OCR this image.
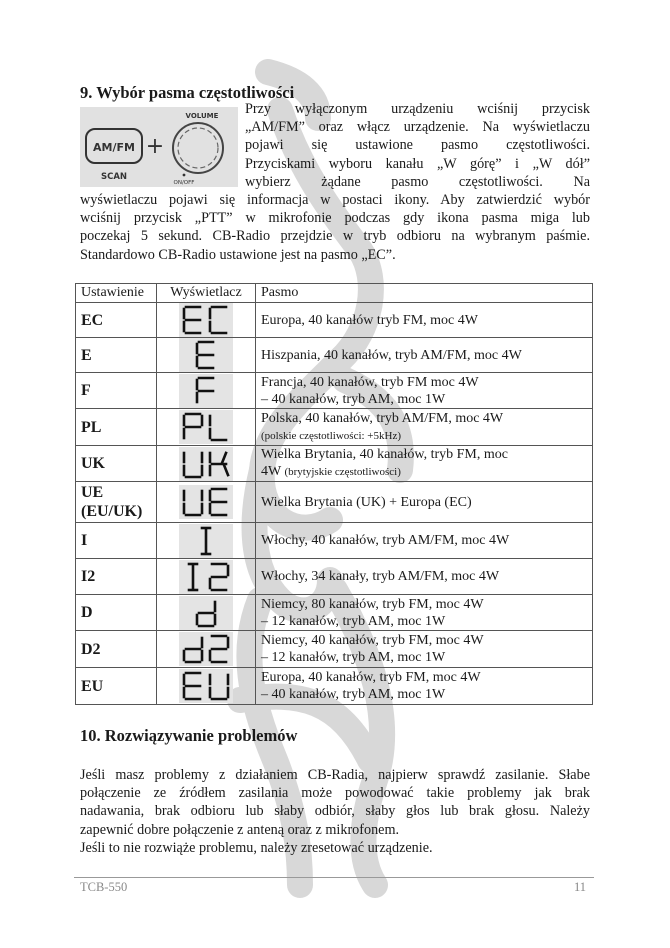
9. Wybór pasma częstotliwości
AM/FM
SCAN
+
VOLUME
ON/OFF
Przy wyłączonym urządzeniu wciśnij przycisk
„AM/FM” oraz włącz urządzenie. Na wyświetlaczu
pojawi się ustawione pasmo częstotliwości.
Przyciskami wyboru kanału „W górę” i „W dół”
wybierz żądane pasmo częstotliwości. Na
wyświetlaczu pojawi się informacja w postaci ikony. Aby zatwierdzić wybór
wciśnij przycisk „PTT” w mikrofonie podczas gdy ikona pasma miga lub
poczekaj 5 sekund. CB-Radio przejdzie w tryb odbioru na wybranym paśmie.
Standardowo CB-Radio ustawione jest na pasmo „EC”.
Ustawienie	Wyświetlacz	Pasmo
EC		Europa, 40 kanałów tryb FM, moc 4W
E		Hiszpania, 40 kanałów, tryb AM/FM, moc 4W
F		Francja, 40 kanałów, tryb FM moc 4W
– 40 kanałów, tryb AM, moc 1W
PL		Polska, 40 kanałów, tryb AM/FM, moc 4W
(polskie częstotliwości: +5kHz)
UK		Wielka Brytania, 40 kanałów, tryb FM, moc
4W (brytyjskie częstotliwości)
UE
(EU/UK)		Wielka Brytania (UK) + Europa (EC)
I		Włochy, 40 kanałów, tryb AM/FM, moc 4W
I2		Włochy, 34 kanały, tryb AM/FM, moc 4W
D		Niemcy, 80 kanałów, tryb FM, moc 4W
– 12 kanałów, tryb AM, moc 1W
D2		Niemcy, 40 kanałów, tryb FM, moc 4W
– 12 kanałów, tryb AM, moc 1W
EU		Europa, 40 kanałów, tryb FM, moc 4W
– 40 kanałów, tryb AM, moc 1W
10. Rozwiązywanie problemów
Jeśli masz problemy z działaniem CB-Radia, najpierw sprawdź zasilanie. Słabe
połączenie ze źródłem zasilania może powodować takie problemy jak brak
nadawania, brak odbioru lub słaby odbiór, słaby głos lub brak głosu. Należy
zapewnić dobre połączenie z anteną oraz z mikrofonem.
Jeśli to nie rozwiąże problemu, należy zresetować urządzenie.
TCB-550	11
